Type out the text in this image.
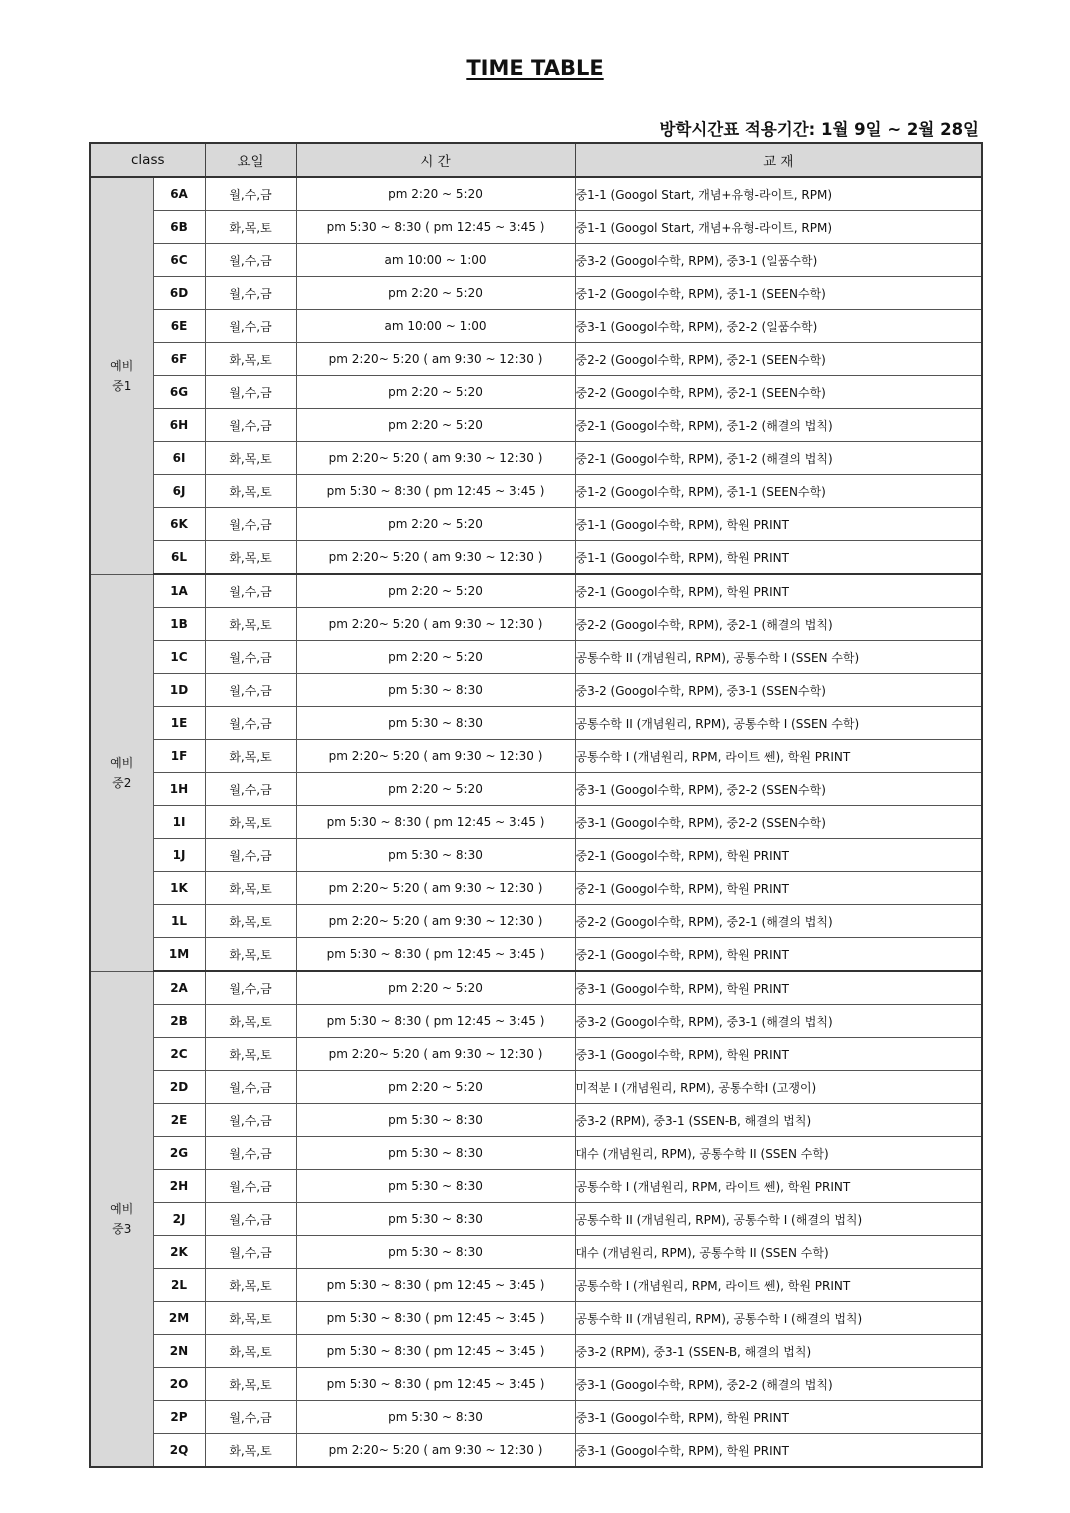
TIME TABLE
방학시간표 적용기간: 1월 9일 ~ 2월 28일
class		요일	시 간	교 재
예비
중1	6A	월,수,금	pm 2:20 ~ 5:20	중1-1 (Googol Start, 개념+유형-라이트, RPM)
	6B	화,목,토	pm 5:30 ~ 8:30 ( pm 12:45 ~ 3:45 )	중1-1 (Googol Start, 개념+유형-라이트, RPM)
	6C	월,수,금	am 10:00 ~ 1:00	중3-2 (Googol수학, RPM), 중3-1 (일품수학)
	6D	월,수,금	pm 2:20 ~ 5:20	중1-2 (Googol수학, RPM), 중1-1 (SEEN수학)
	6E	월,수,금	am 10:00 ~ 1:00	중3-1 (Googol수학, RPM), 중2-2 (일품수학)
	6F	화,목,토	pm 2:20~ 5:20 ( am 9:30 ~ 12:30 )	중2-2 (Googol수학, RPM), 중2-1 (SEEN수학)
	6G	월,수,금	pm 2:20 ~ 5:20	중2-2 (Googol수학, RPM), 중2-1 (SEEN수학)
	6H	월,수,금	pm 2:20 ~ 5:20	중2-1 (Googol수학, RPM), 중1-2 (해결의 법칙)
	6I	화,목,토	pm 2:20~ 5:20 ( am 9:30 ~ 12:30 )	중2-1 (Googol수학, RPM), 중1-2 (해결의 법칙)
	6J	화,목,토	pm 5:30 ~ 8:30 ( pm 12:45 ~ 3:45 )	중1-2 (Googol수학, RPM), 중1-1 (SEEN수학)
	6K	월,수,금	pm 2:20 ~ 5:20	중1-1 (Googol수학, RPM), 학원 PRINT
	6L	화,목,토	pm 2:20~ 5:20 ( am 9:30 ~ 12:30 )	중1-1 (Googol수학, RPM), 학원 PRINT
예비
중2	1A	월,수,금	pm 2:20 ~ 5:20	중2-1 (Googol수학, RPM), 학원 PRINT
	1B	화,목,토	pm 2:20~ 5:20 ( am 9:30 ~ 12:30 )	중2-2 (Googol수학, RPM), 중2-1 (해결의 법칙)
	1C	월,수,금	pm 2:20 ~ 5:20	공통수학 II (개념원리, RPM), 공통수학 I (SSEN 수학)
	1D	월,수,금	pm 5:30 ~ 8:30	중3-2 (Googol수학, RPM), 중3-1 (SSEN수학)
	1E	월,수,금	pm 5:30 ~ 8:30	공통수학 II (개념원리, RPM), 공통수학 I (SSEN 수학)
	1F	화,목,토	pm 2:20~ 5:20 ( am 9:30 ~ 12:30 )	공통수학 I (개념원리, RPM, 라이트 쎈), 학원 PRINT
	1H	월,수,금	pm 2:20 ~ 5:20	중3-1 (Googol수학, RPM), 중2-2 (SSEN수학)
	1I	화,목,토	pm 5:30 ~ 8:30 ( pm 12:45 ~ 3:45 )	중3-1 (Googol수학, RPM), 중2-2 (SSEN수학)
	1J	월,수,금	pm 5:30 ~ 8:30	중2-1 (Googol수학, RPM), 학원 PRINT
	1K	화,목,토	pm 2:20~ 5:20 ( am 9:30 ~ 12:30 )	중2-1 (Googol수학, RPM), 학원 PRINT
	1L	화,목,토	pm 2:20~ 5:20 ( am 9:30 ~ 12:30 )	중2-2 (Googol수학, RPM), 중2-1 (해결의 법칙)
	1M	화,목,토	pm 5:30 ~ 8:30 ( pm 12:45 ~ 3:45 )	중2-1 (Googol수학, RPM), 학원 PRINT
예비
중3	2A	월,수,금	pm 2:20 ~ 5:20	중3-1 (Googol수학, RPM), 학원 PRINT
	2B	화,목,토	pm 5:30 ~ 8:30 ( pm 12:45 ~ 3:45 )	중3-2 (Googol수학, RPM), 중3-1 (해결의 법칙)
	2C	화,목,토	pm 2:20~ 5:20 ( am 9:30 ~ 12:30 )	중3-1 (Googol수학, RPM), 학원 PRINT
	2D	월,수,금	pm 2:20 ~ 5:20	미적분 I (개념원리, RPM), 공통수학I (고쟁이)
	2E	월,수,금	pm 5:30 ~ 8:30	중3-2 (RPM), 중3-1 (SSEN-B, 해결의 법칙)
	2G	월,수,금	pm 5:30 ~ 8:30	대수 (개념원리, RPM), 공통수학 II (SSEN 수학)
	2H	월,수,금	pm 5:30 ~ 8:30	공통수학 I (개념원리, RPM, 라이트 쎈), 학원 PRINT
	2J	월,수,금	pm 5:30 ~ 8:30	공통수학 II (개념원리, RPM), 공통수학 I (해결의 법칙)
	2K	월,수,금	pm 5:30 ~ 8:30	대수 (개념원리, RPM), 공통수학 II (SSEN 수학)
	2L	화,목,토	pm 5:30 ~ 8:30 ( pm 12:45 ~ 3:45 )	공통수학 I (개념원리, RPM, 라이트 쎈), 학원 PRINT
	2M	화,목,토	pm 5:30 ~ 8:30 ( pm 12:45 ~ 3:45 )	공통수학 II (개념원리, RPM), 공통수학 I (해결의 법칙)
	2N	화,목,토	pm 5:30 ~ 8:30 ( pm 12:45 ~ 3:45 )	중3-2 (RPM), 중3-1 (SSEN-B, 해결의 법칙)
	2O	화,목,토	pm 5:30 ~ 8:30 ( pm 12:45 ~ 3:45 )	중3-1 (Googol수학, RPM), 중2-2 (해결의 법칙)
	2P	월,수,금	pm 5:30 ~ 8:30	중3-1 (Googol수학, RPM), 학원 PRINT
	2Q	화,목,토	pm 2:20~ 5:20 ( am 9:30 ~ 12:30 )	중3-1 (Googol수학, RPM), 학원 PRINT
